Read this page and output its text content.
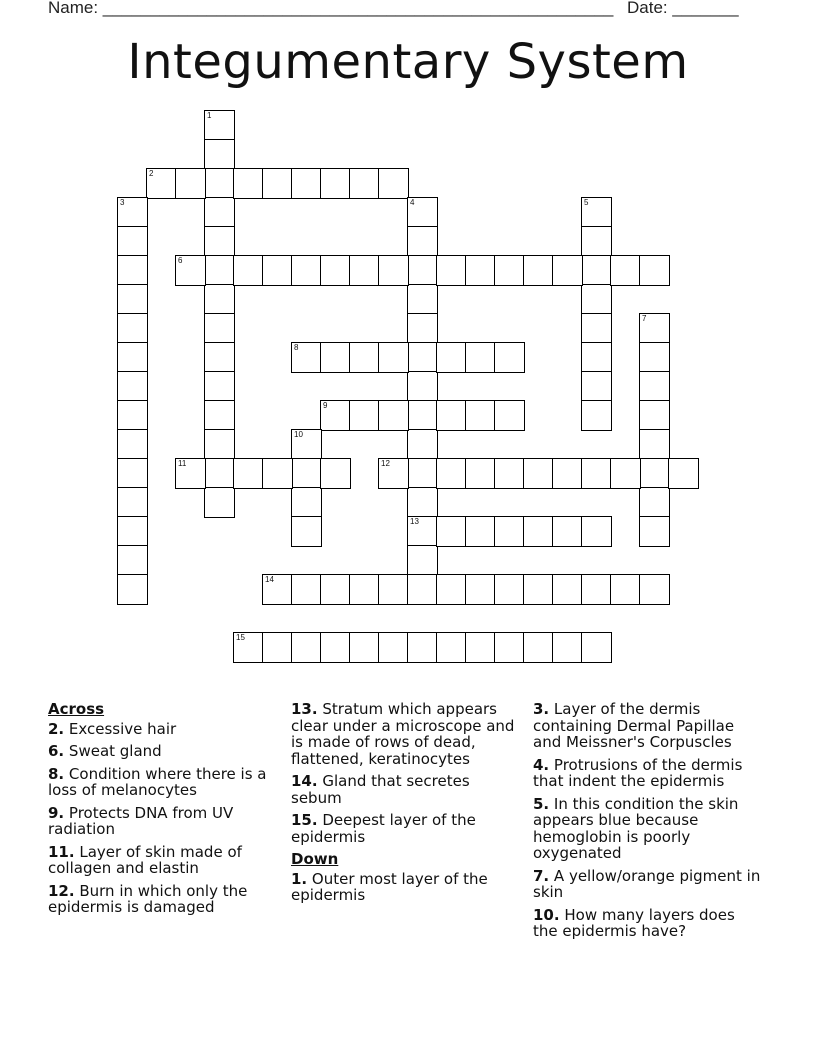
Name: ______________________________________________________ Date: _______
Integumentary System
1
2
3	4
13
5
6
7
8
9
10
11	12
14
15
Across
2. Excessive hair
6. Sweat gland
8. Condition where there is a loss of melanocytes
9. Protects DNA from UV radiation
11. Layer of skin made of collagen and elastin
12. Burn in which only the epidermis is damaged
13. Stratum which appears clear under a microscope and is made of rows of dead, flattened, keratinocytes
14. Gland that secretes sebum
15. Deepest layer of the epidermis
Down
1. Outer most layer of the epidermis
3. Layer of the dermis containing Dermal Papillae and Meissner's Corpuscles
4. Protrusions of the dermis that indent the epidermis
5. In this condition the skin appears blue because hemoglobin is poorly oxygenated
7. A yellow/orange pigment in skin
10. How many layers does the epidermis have?
